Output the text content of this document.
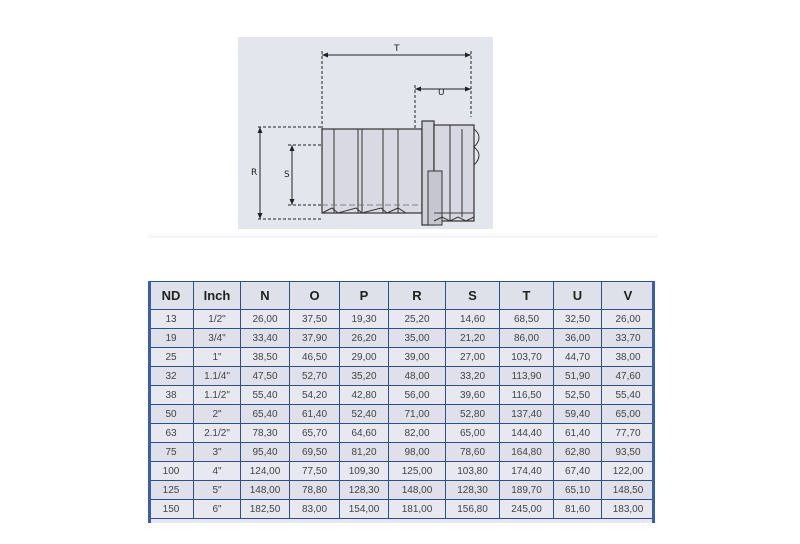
T
U
R	S
ND	Inch	N	O	P	R	S	T	U	V
13	1/2"	26,00	37,50	19,30	25,20	14,60	68,50	32,50	26,00
19	3/4"	33,40	37,90	26,20	35,00	21,20	86,00	36,00	33,70
25	1"	38,50	46,50	29,00	39,00	27,00	103,70	44,70	38,00
32	1.1/4"	47,50	52,70	35,20	48,00	33,20	113,90	51,90	47,60
38	1.1/2"	55,40	54,20	42,80	56,00	39,60	116,50	52,50	55,40
50	2"	65,40	61,40	52,40	71,00	52,80	137,40	59,40	65,00
63	2.1/2"	78,30	65,70	64,60	82,00	65,00	144,40	61,40	77,70
75	3"	95,40	69,50	81,20	98,00	78,60	164,80	62,80	93,50
100	4"	124,00	77,50	109,30	125,00	103,80	174,40	67,40	122,00
125	5"	148,00	78,80	128,30	148,00	128,30	189,70	65,10	148,50
150	6"	182,50	83,00	154,00	181,00	156,80	245,00	81,60	183,00
